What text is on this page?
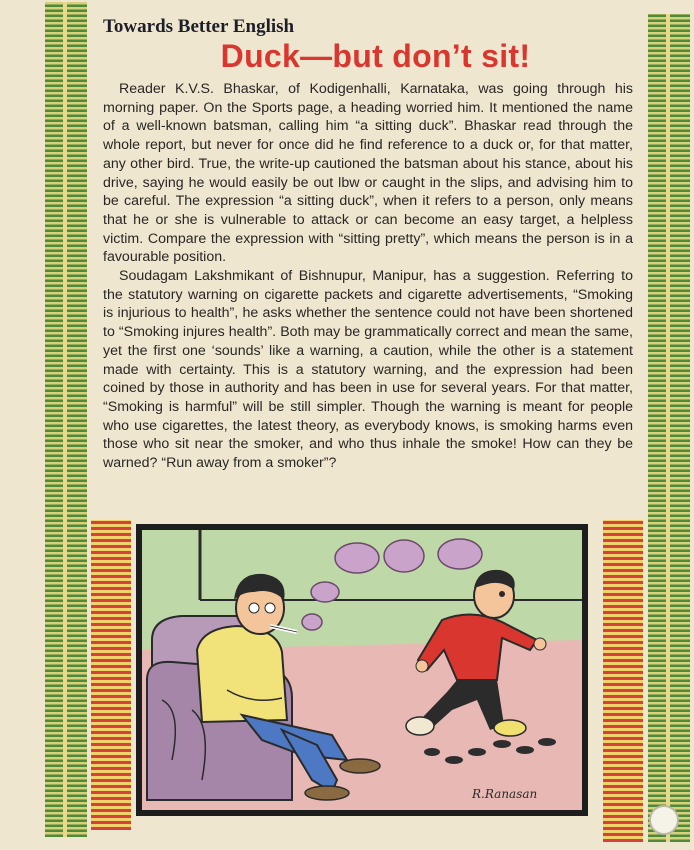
Towards Better English
Duck—but don’t sit!

Reader K.V.S. Bhaskar, of Kodigenhalli, Karnataka, was going through his morning paper. On the Sports page, a heading worried him. It mentioned the name of a well-known batsman, calling him “a sitting duck”. Bhaskar read through the whole report, but never for once did he find reference to a duck or, for that matter, any other bird. True, the write-up cautioned the batsman about his stance, about his drive, saying he would easily be out lbw or caught in the slips, and advising him to be careful. The expression “a sitting duck”, when it refers to a person, only means that he or she is vulnerable to attack or can become an easy target, a helpless victim. Compare the expression with “sitting pretty”, which means the person is in a favourable position.

Soudagam Lakshmikant of Bishnupur, Manipur, has a suggestion. Referring to the statutory warning on cigarette packets and cigarette advertisements, “Smoking is injurious to health”, he asks whether the sentence could not have been shortened to “Smoking injures health”. Both may be grammatically correct and mean the same, yet the first one ‘sounds’ like a warning, a caution, while the other is a statement made with certainty. This is a statutory warning, and the expression had been coined by those in authority and has been in use for several years. For that matter, “Smoking is harmful” will be still simpler. Though the warning is meant for people who use cigarettes, the latest theory, as everybody knows, is smoking harms even those who sit near the smoker, and who thus inhale the smoke! How can they be warned? “Run away from a smoker”?

R.Ranasan
